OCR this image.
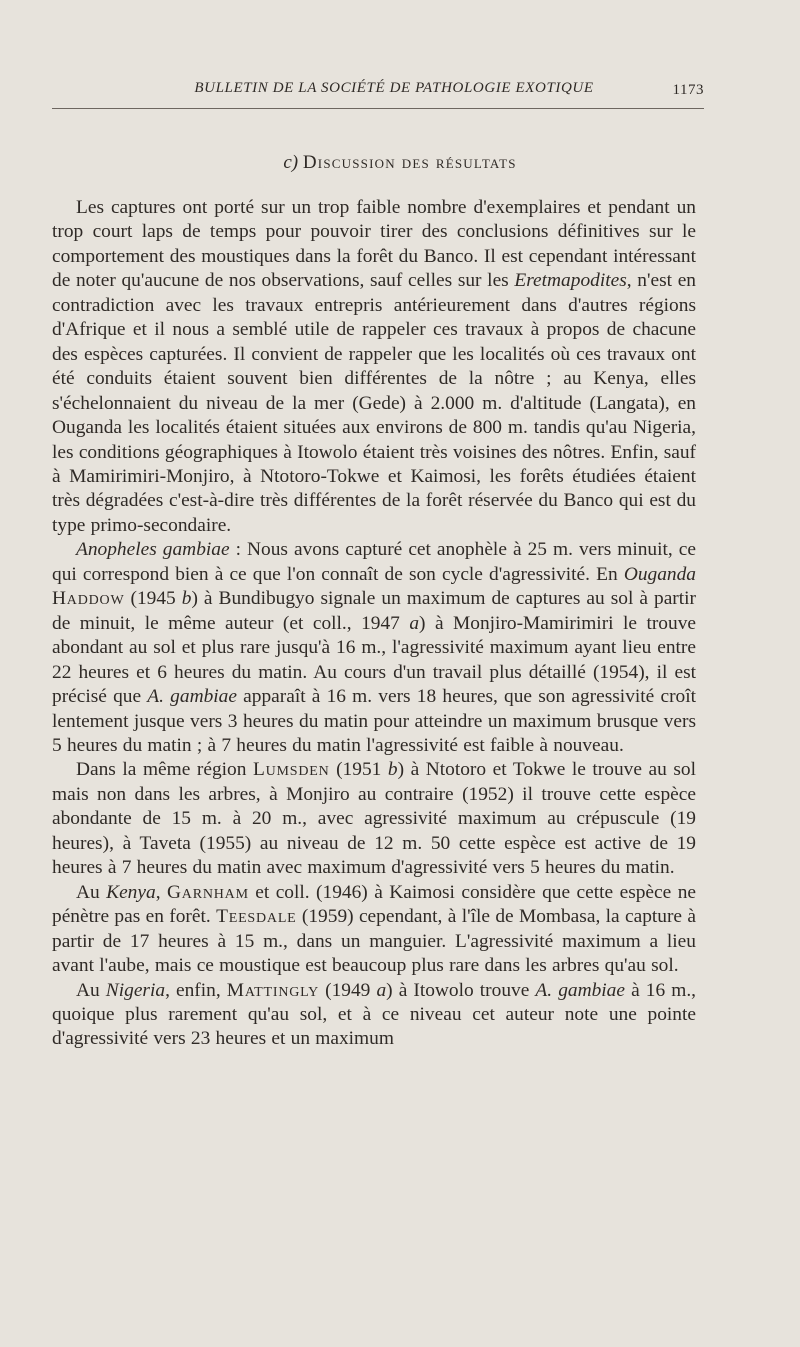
BULLETIN DE LA SOCIÉTÉ DE PATHOLOGIE EXOTIQUE	1173
c) Discussion des résultats

Les captures ont porté sur un trop faible nombre d'exemplaires et pendant un trop court laps de temps pour pouvoir tirer des conclusions définitives sur le comportement des moustiques dans la forêt du Banco. Il est cependant intéressant de noter qu'aucune de nos observations, sauf celles sur les Eretmapodites, n'est en contradiction avec les travaux entrepris antérieurement dans d'autres régions d'Afrique et il nous a semblé utile de rappeler ces travaux à propos de chacune des espèces capturées. Il convient de rappeler que les localités où ces travaux ont été conduits étaient souvent bien différentes de la nôtre ; au Kenya, elles s'échelonnaient du niveau de la mer (Gede) à 2.000 m. d'altitude (Langata), en Ouganda les localités étaient situées aux environs de 800 m. tandis qu'au Nigeria, les conditions géographiques à Itowolo étaient très voisines des nôtres. Enfin, sauf à Mamirimiri-Monjiro, à Ntotoro-Tokwe et Kaimosi, les forêts étudiées étaient très dégradées c'est-à-dire très différentes de la forêt réservée du Banco qui est du type primo-secondaire.

Anopheles gambiae : Nous avons capturé cet anophèle à 25 m. vers minuit, ce qui correspond bien à ce que l'on connaît de son cycle d'agressivité. En Ouganda Haddow (1945 b) à Bundibugyo signale un maximum de captures au sol à partir de minuit, le même auteur (et coll., 1947 a) à Monjiro-Mamirimiri le trouve abondant au sol et plus rare jusqu'à 16 m., l'agressivité maximum ayant lieu entre 22 heures et 6 heures du matin. Au cours d'un travail plus détaillé (1954), il est précisé que A. gambiae apparaît à 16 m. vers 18 heures, que son agressivité croît lentement jusque vers 3 heures du matin pour atteindre un maximum brusque vers 5 heures du matin ; à 7 heures du matin l'agressivité est faible à nouveau.

Dans la même région Lumsden (1951 b) à Ntotoro et Tokwe le trouve au sol mais non dans les arbres, à Monjiro au contraire (1952) il trouve cette espèce abondante de 15 m. à 20 m., avec agressivité maximum au crépuscule (19 heures), à Taveta (1955) au niveau de 12 m. 50 cette espèce est active de 19 heures à 7 heures du matin avec maximum d'agressivité vers 5 heures du matin.

Au Kenya, Garnham et coll. (1946) à Kaimosi considère que cette espèce ne pénètre pas en forêt. Teesdale (1959) cependant, à l'île de Mombasa, la capture à partir de 17 heures à 15 m., dans un manguier. L'agressivité maximum a lieu avant l'aube, mais ce moustique est beaucoup plus rare dans les arbres qu'au sol.

Au Nigeria, enfin, Mattingly (1949 a) à Itowolo trouve A. gambiae à 16 m., quoique plus rarement qu'au sol, et à ce niveau cet auteur note une pointe d'agressivité vers 23 heures et un maximum
